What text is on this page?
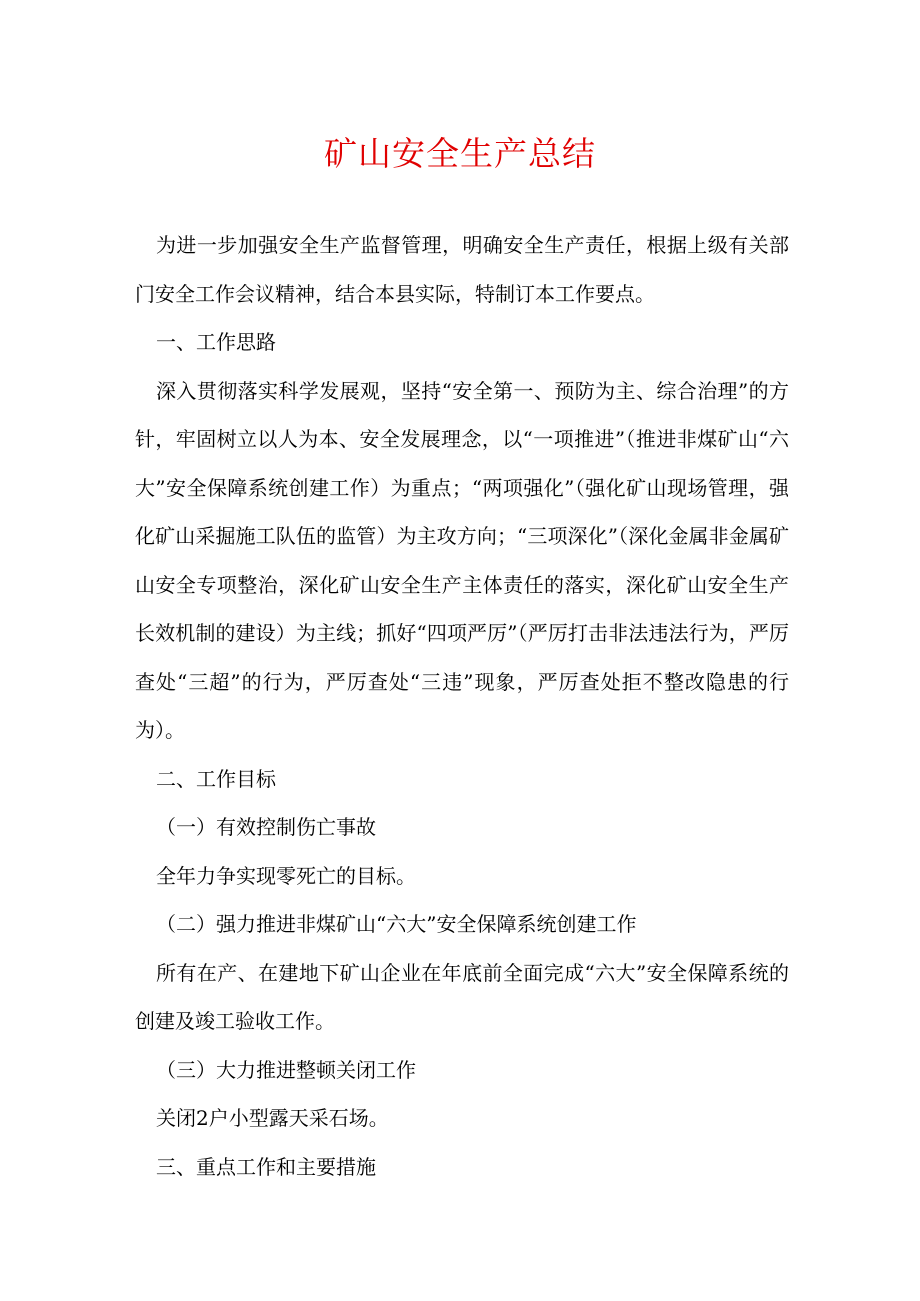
矿山安全生产总结

为进一步加强安全生产监督管理，明确安全生产责任，根据上级有关部门安全工作会议精神，结合本县实际，特制订本工作要点。

一、工作思路

深入贯彻落实科学发展观，坚持“安全第一、预防为主、综合治理”的方针，牢固树立以人为本、安全发展理念，以“一项推进”（推进非煤矿山“六大”安全保障系统创建工作）为重点；“两项强化”（强化矿山现场管理，强化矿山采掘施工队伍的监管）为主攻方向；“三项深化”（深化金属非金属矿山安全专项整治，深化矿山安全生产主体责任的落实，深化矿山安全生产长效机制的建设）为主线；抓好“四项严厉”（严厉打击非法违法行为，严厉查处“三超”的行为，严厉查处“三违”现象，严厉查处拒不整改隐患的行为）。

二、工作目标

（一）有效控制伤亡事故

全年力争实现零死亡的目标。

（二）强力推进非煤矿山“六大”安全保障系统创建工作

所有在产、在建地下矿山企业在年底前全面完成“六大”安全保障系统的创建及竣工验收工作。

（三）大力推进整顿关闭工作

关闭2户小型露天采石场。

三、重点工作和主要措施
